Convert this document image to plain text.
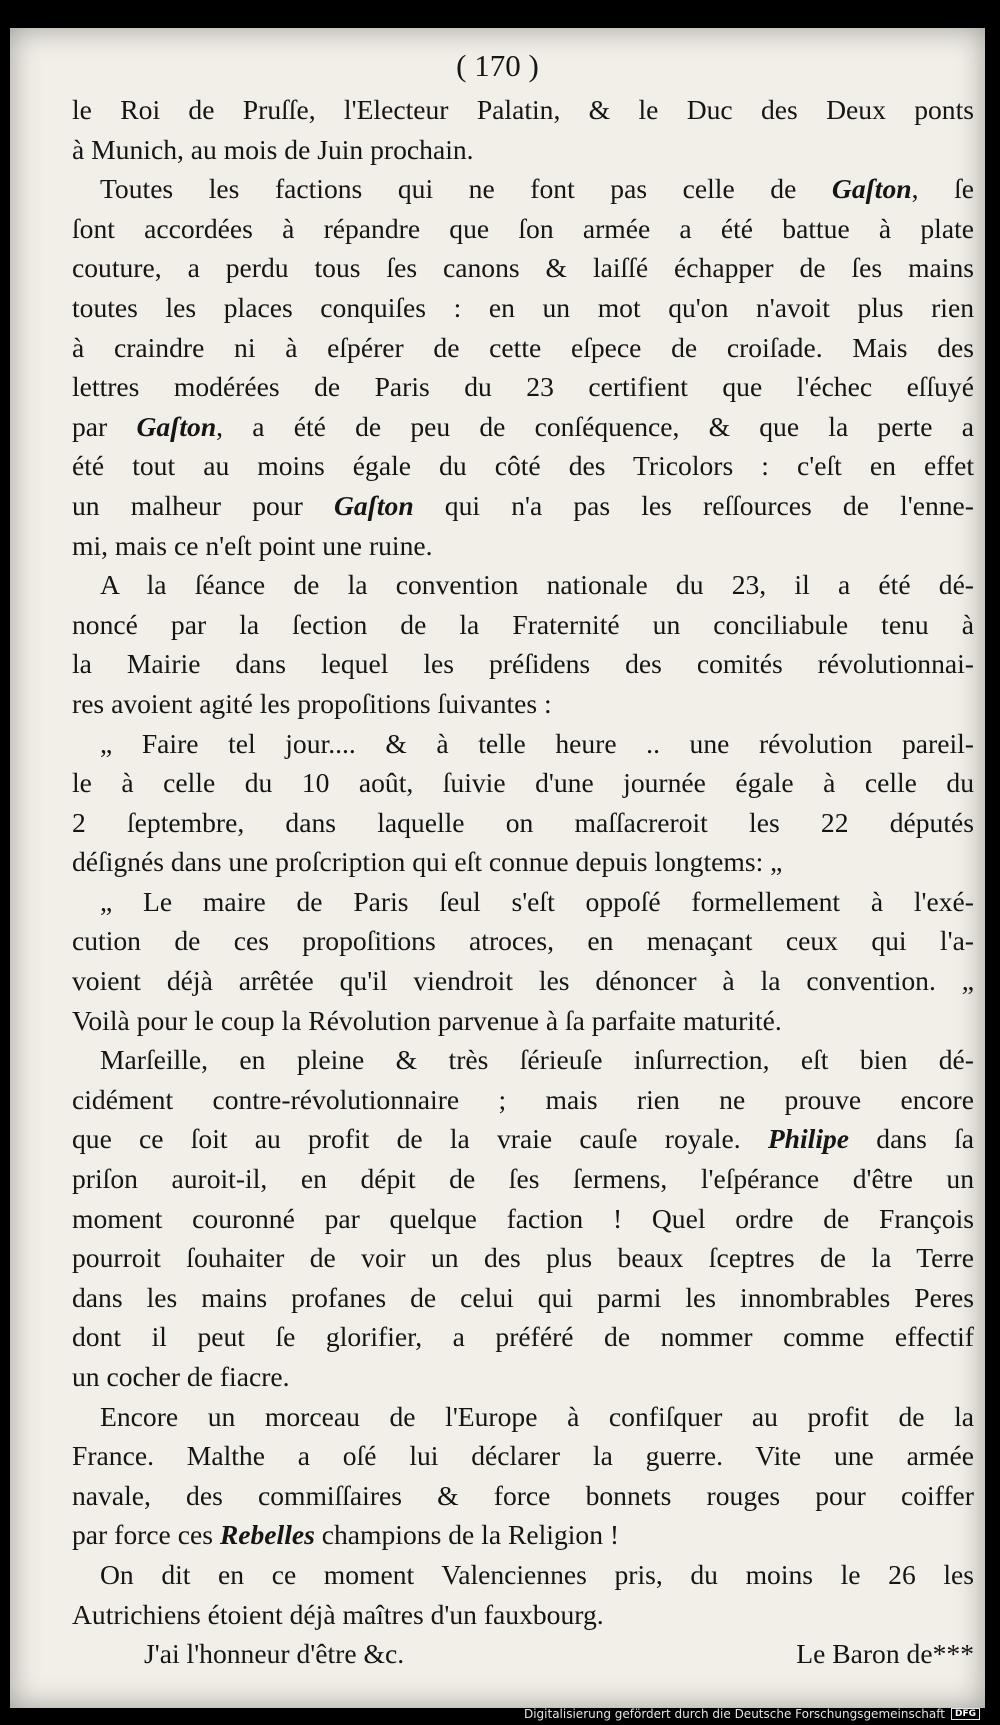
( 170 )

le Roi de Pruſſe, l'Electeur Palatin, & le Duc des Deux ponts
à Munich, au mois de Juin prochain.

Toutes les factions qui ne font pas celle de Gaſton, ſe
ſont accordées à répandre que ſon armée a été battue à plate
couture, a perdu tous ſes canons & laiſſé échapper de ſes mains
toutes les places conquiſes : en un mot qu'on n'avoit plus rien
à craindre ni à eſpérer de cette eſpece de croiſade. Mais des
lettres modérées de Paris du 23 certifient que l'échec eſſuyé
par Gaſton, a été de peu de conſéquence, & que la perte a
été tout au moins égale du côté des Tricolors : c'eſt en effet
un malheur pour Gaſton qui n'a pas les reſſources de l'enne-
mi, mais ce n'eſt point une ruine.

A la ſéance de la convention nationale du 23, il a été dé-
noncé par la ſection de la Fraternité un conciliabule tenu à
la Mairie dans lequel les préſidens des comités révolutionnai-
res avoient agité les propoſitions ſuivantes :

„ Faire tel jour.... & à telle heure .. une révolution pareil-
le à celle du 10 août, ſuivie d'une journée égale à celle du
2 ſeptembre, dans laquelle on maſſacreroit les 22 députés
déſignés dans une proſcription qui eſt connue depuis longtems: „

„ Le maire de Paris ſeul s'eſt oppoſé formellement à l'exé-
cution de ces propoſitions atroces, en menaçant ceux qui l'a-
voient déjà arrêtée qu'il viendroit les dénoncer à la convention. „
Voilà pour le coup la Révolution parvenue à ſa parfaite maturité.

Marſeille, en pleine & très ſérieuſe inſurrection, eſt bien dé-
cidément contre-révolutionnaire ; mais rien ne prouve encore
que ce ſoit au profit de la vraie cauſe royale. Philipe dans ſa
priſon auroit-il, en dépit de ſes ſermens, l'eſpérance d'être un
moment couronné par quelque faction ! Quel ordre de François
pourroit ſouhaiter de voir un des plus beaux ſceptres de la Terre
dans les mains profanes de celui qui parmi les innombrables Peres
dont il peut ſe glorifier, a préféré de nommer comme effectif
un cocher de fiacre.

Encore un morceau de l'Europe à confiſquer au profit de la
France. Malthe a oſé lui déclarer la guerre. Vite une armée
navale, des commiſſaires & force bonnets rouges pour coiffer
par force ces Rebelles champions de la Religion !

On dit en ce moment Valenciennes pris, du moins le 26 les
Autrichiens étoient déjà maîtres d'un fauxbourg.

J'ai l'honneur d'être &c.	Le Baron de***
Digitalisierung gefördert durch die Deutsche Forschungsgemeinschaft	DFG
